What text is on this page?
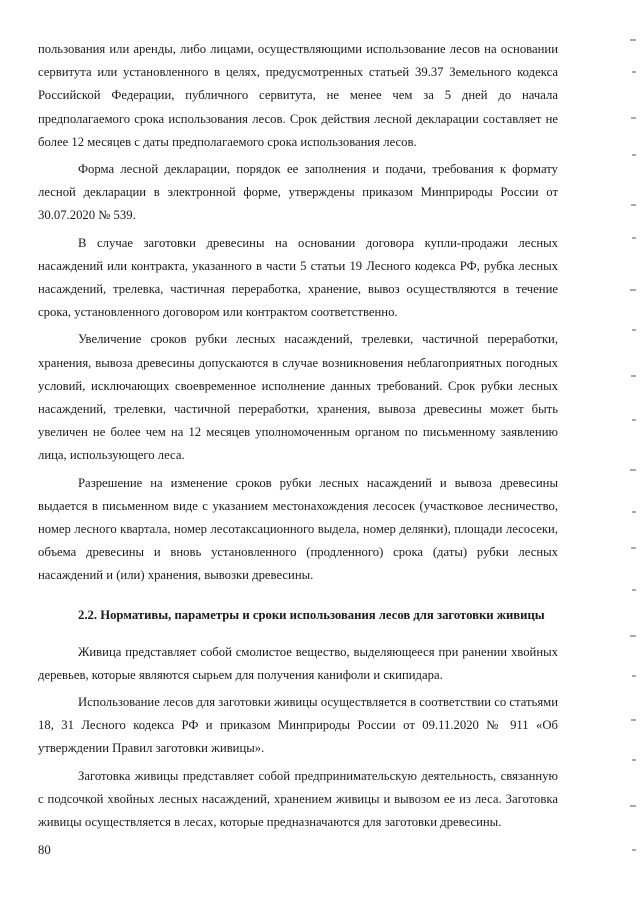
пользования или аренды, либо лицами, осуществляющими использование лесов на основании сервитута или установленного в целях, предусмотренных статьей 39.37 Земельного кодекса Российской Федерации, публичного сервитута, не менее чем за 5 дней до начала предполагаемого срока использования лесов. Срок действия лесной декларации составляет не более 12 месяцев с даты предполагаемого срока использования лесов.

Форма лесной декларации, порядок ее заполнения и подачи, требования к формату лесной декларации в электронной форме, утверждены приказом Минприроды России от 30.07.2020 № 539.

В случае заготовки древесины на основании договора купли-продажи лесных насаждений или контракта, указанного в части 5 статьи 19 Лесного кодекса РФ, рубка лесных насаждений, трелевка, частичная переработка, хранение, вывоз осуществляются в течение срока, установленного договором или контрактом соответственно.

Увеличение сроков рубки лесных насаждений, трелевки, частичной переработки, хранения, вывоза древесины допускаются в случае возникновения неблагоприятных погодных условий, исключающих своевременное исполнение данных требований. Срок рубки лесных насаждений, трелевки, частичной переработки, хранения, вывоза древесины может быть увеличен не более чем на 12 месяцев уполномоченным органом по письменному заявлению лица, использующего леса.

Разрешение на изменение сроков рубки лесных насаждений и вывоза древесины выдается в письменном виде с указанием местонахождения лесосек (участковое лесничество, номер лесного квартала, номер лесотаксационного выдела, номер делянки), площади лесосеки, объема древесины и вновь установленного (продленного) срока (даты) рубки лесных насаждений и (или) хранения, вывозки древесины.

2.2. Нормативы, параметры и сроки использования лесов для заготовки живицы

Живица представляет собой смолистое вещество, выделяющееся при ранении хвойных деревьев, которые являются сырьем для получения канифоли и скипидара.

Использование лесов для заготовки живицы осуществляется в соответствии со статьями 18, 31 Лесного кодекса РФ и приказом Минприроды России от 09.11.2020 № 911 «Об утверждении Правил заготовки живицы».

Заготовка живицы представляет собой предпринимательскую деятельность, связанную с подсочкой хвойных лесных насаждений, хранением живицы и вывозом ее из леса. Заготовка живицы осуществляется в лесах, которые предназначаются для заготовки древесины.

80
